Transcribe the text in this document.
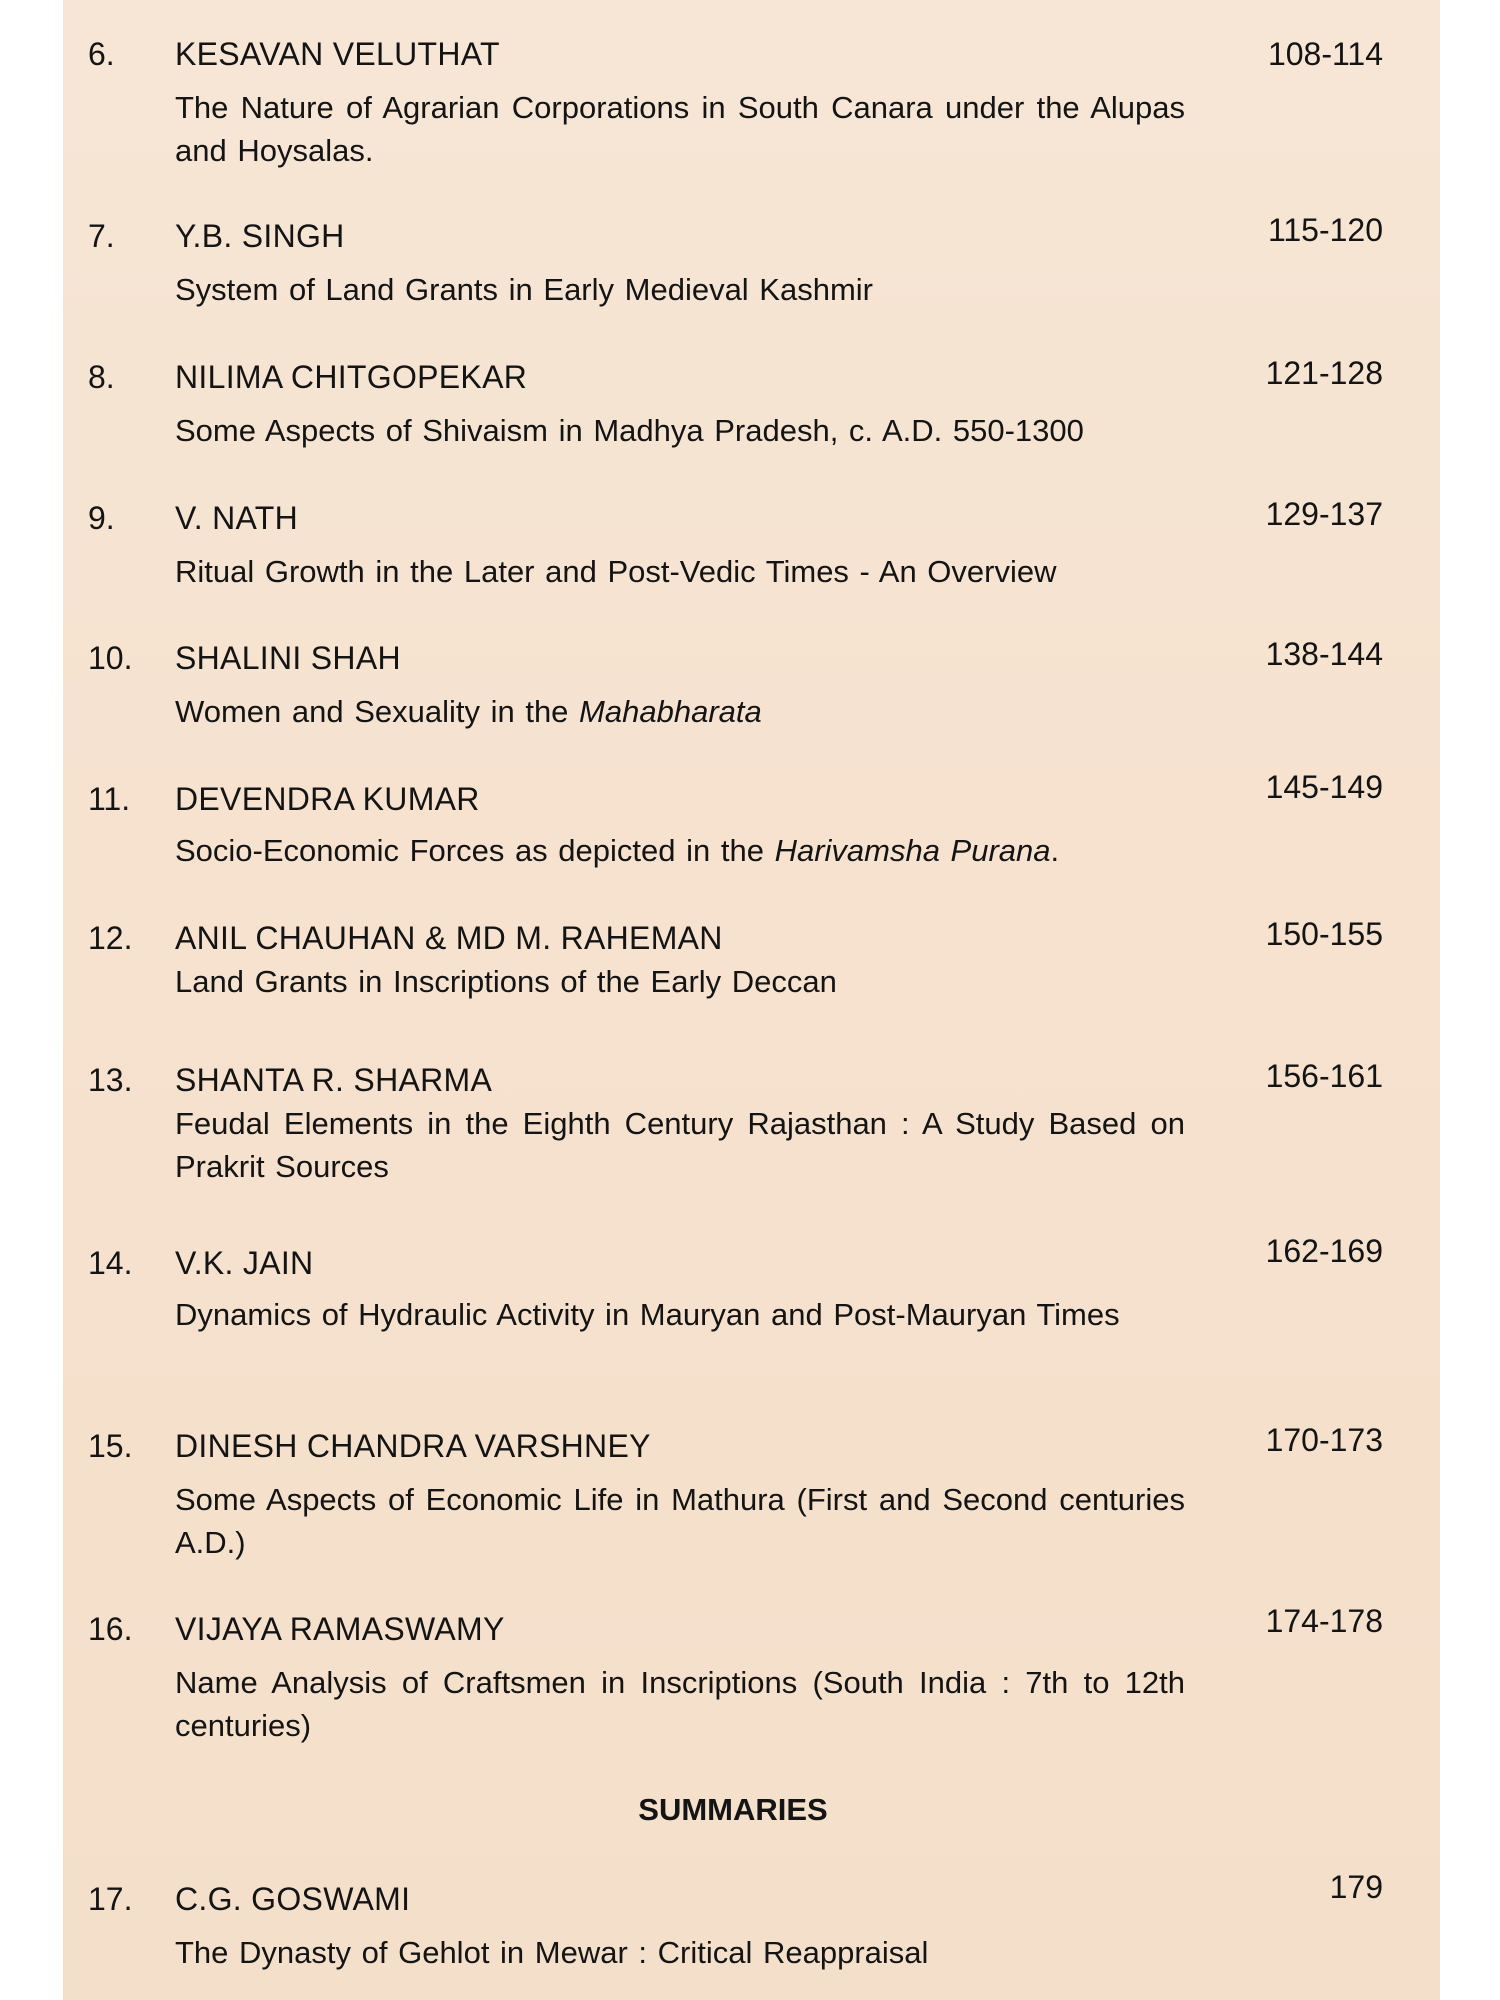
6. KESAVAN VELUTHAT	108-114
The Nature of Agrarian Corporations in South Canara under the Alupas and Hoysalas.
7. Y.B. SINGH	115-120
System of Land Grants in Early Medieval Kashmir
8. NILIMA CHITGOPEKAR	121-128
Some Aspects of Shivaism in Madhya Pradesh, c. A.D. 550-1300
9. V. NATH	129-137
Ritual Growth in the Later and Post-Vedic Times - An Overview
10. SHALINI SHAH	138-144
Women and Sexuality in the Mahabharata
11. DEVENDRA KUMAR	145-149
Socio-Economic Forces as depicted in the Harivamsha Purana.
12. ANIL CHAUHAN & MD M. RAHEMAN	150-155
Land Grants in Inscriptions of the Early Deccan
13. SHANTA R. SHARMA	156-161
Feudal Elements in the Eighth Century Rajasthan : A Study Based on Prakrit Sources
14. V.K. JAIN	162-169
Dynamics of Hydraulic Activity in Mauryan and Post-Mauryan Times
15. DINESH CHANDRA VARSHNEY	170-173
Some Aspects of Economic Life in Mathura (First and Second centuries A.D.)
16. VIJAYA RAMASWAMY	174-178
Name Analysis of Craftsmen in Inscriptions (South India : 7th to 12th centuries)
SUMMARIES
17. C.G. GOSWAMI	179
The Dynasty of Gehlot in Mewar : Critical Reappraisal
